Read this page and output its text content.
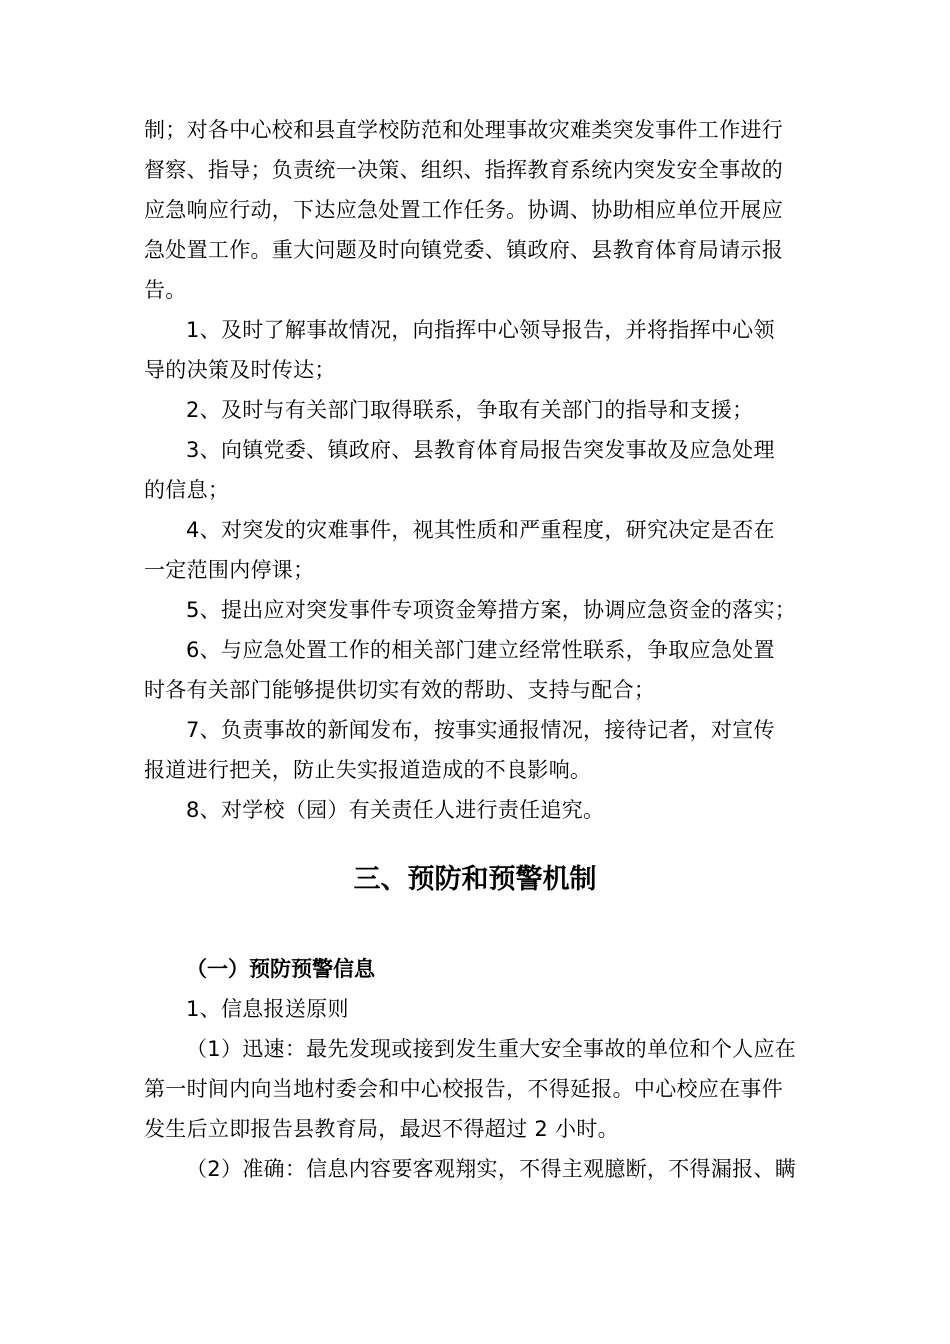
制；对各中心校和县直学校防范和处理事故灾难类突发事件工作进行
督察、指导；负责统一决策、组织、指挥教育系统内突发安全事故的
应急响应行动，下达应急处置工作任务。协调、协助相应单位开展应
急处置工作。重大问题及时向镇党委、镇政府、县教育体育局请示报
告。
1、及时了解事故情况，向指挥中心领导报告，并将指挥中心领
导的决策及时传达；
2、及时与有关部门取得联系，争取有关部门的指导和支援；
3、向镇党委、镇政府、县教育体育局报告突发事故及应急处理
的信息；
4、对突发的灾难事件，视其性质和严重程度，研究决定是否在
一定范围内停课；
5、提出应对突发事件专项资金筹措方案，协调应急资金的落实；
6、与应急处置工作的相关部门建立经常性联系，争取应急处置
时各有关部门能够提供切实有效的帮助、支持与配合；
7、负责事故的新闻发布，按事实通报情况，接待记者，对宣传
报道进行把关，防止失实报道造成的不良影响。
8、对学校（园）有关责任人进行责任追究。
三、预防和预警机制
（一）预防预警信息
1、信息报送原则
（1）迅速：最先发现或接到发生重大安全事故的单位和个人应在
第一时间内向当地村委会和中心校报告，不得延报。中心校应在事件
发生后立即报告县教育局，最迟不得超过 2 小时。
（2）准确：信息内容要客观翔实，不得主观臆断，不得漏报、瞒
